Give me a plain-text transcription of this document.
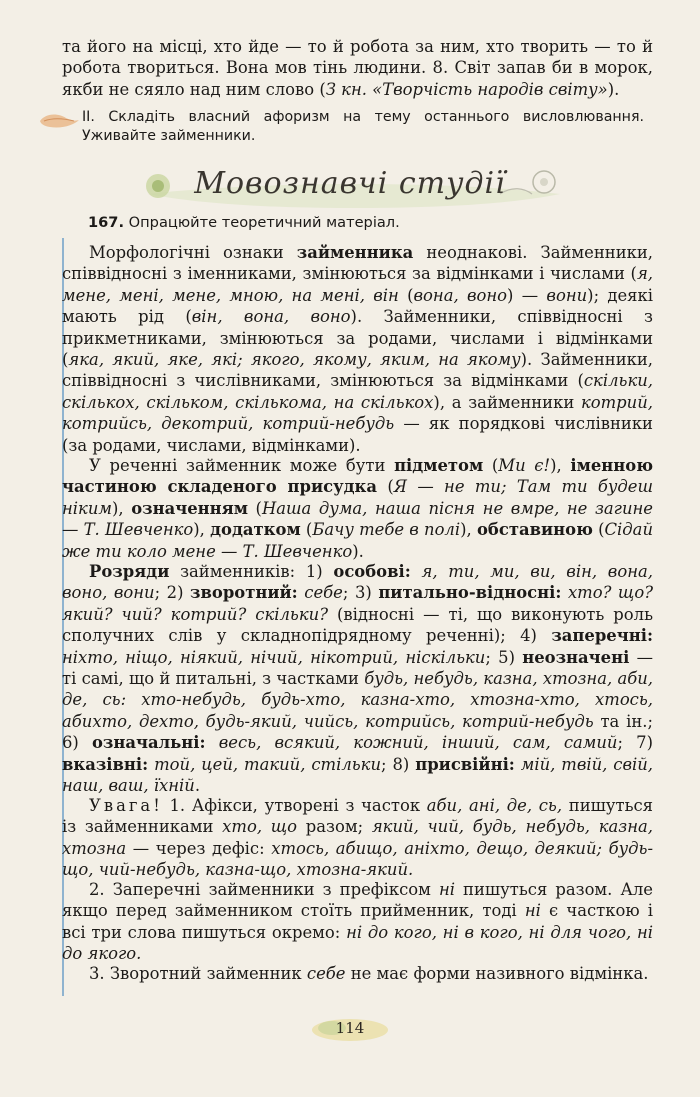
та його на місці, хто йде — то й робота за ним, хто творить — то й робота твориться. Вона мов тінь людини. 8. Світ запав би в морок, якби не сяяло над ним слово (З кн. «Творчість народів світу»).

II. Складіть власний афоризм на тему останнього висловлювання. Уживайте займенники.

Мовознавчі студії

167. Опрацюйте теоретичний матеріал.

Морфологічні ознаки займенника неоднакові. Займенники, співвідносні з іменниками, змінюються за відмінками і числами (я, мене, мені, мене, мною, на мені, він (вона, воно) — вони); деякі мають рід (він, вона, воно). Займенники, співвідносні з прикметниками, змінюються за родами, числами і відмінками (яка, який, яке, які; якого, якому, яким, на якому). Займенники, співвідносні з числівниками, змінюються за відмінками (скільки, скількох, скільком, скількома, на скількох), а займенники котрий, котрийсь, декотрий, котрий-небудь — як порядкові числівники (за родами, числами, відмінками).

У реченні займенник може бути підметом (Ми є!), іменною частиною складеного присудка (Я — не ти; Там ти будеш ніким), означенням (Наша дума, наша пісня не вмре, не загине — Т. Шевченко), додатком (Бачу тебе в полі), обставиною (Сідай же ти коло мене — Т. Шевченко).

Розряди займенників: 1) особові: я, ти, ми, ви, він, вона, воно, вони; 2) зворотний: себе; 3) питально-відносні: хто? що? який? чий? котрий? скільки? (відносні — ті, що виконують роль сполучних слів у складнопідрядному реченні); 4) заперечні: ніхто, ніщо, ніякий, нічий, нікотрий, ніскільки; 5) неозначені — ті самі, що й питальні, з частками будь, небудь, казна, хтозна, аби, де, сь: хто-небудь, будь-хто, казна-хто, хтозна-хто, хтось, абихто, дехто, будь-який, чийсь, котрийсь, котрий-небудь та ін.; 6) означальні: весь, всякий, кожний, інший, сам, самий; 7) вказівні: той, цей, такий, стільки; 8) присвійні: мій, твій, свій, наш, ваш, їхній.

Увага! 1. Афікси, утворені з часток аби, ані, де, сь, пишуться із займенниками хто, що разом; який, чий, будь, небудь, казна, хтозна — через дефіс: хтось, абищо, аніхто, дещо, деякий; будь-що, чий-небудь, казна-що, хтозна-який.

2. Заперечні займенники з префіксом ні пишуться разом. Але якщо перед займенником стоїть прийменник, тоді ні є часткою і всі три слова пишуться окремо: ні до кого, ні в кого, ні для чого, ні до якого.

3. Зворотний займенник себе не має форми називного відмінка.

114
